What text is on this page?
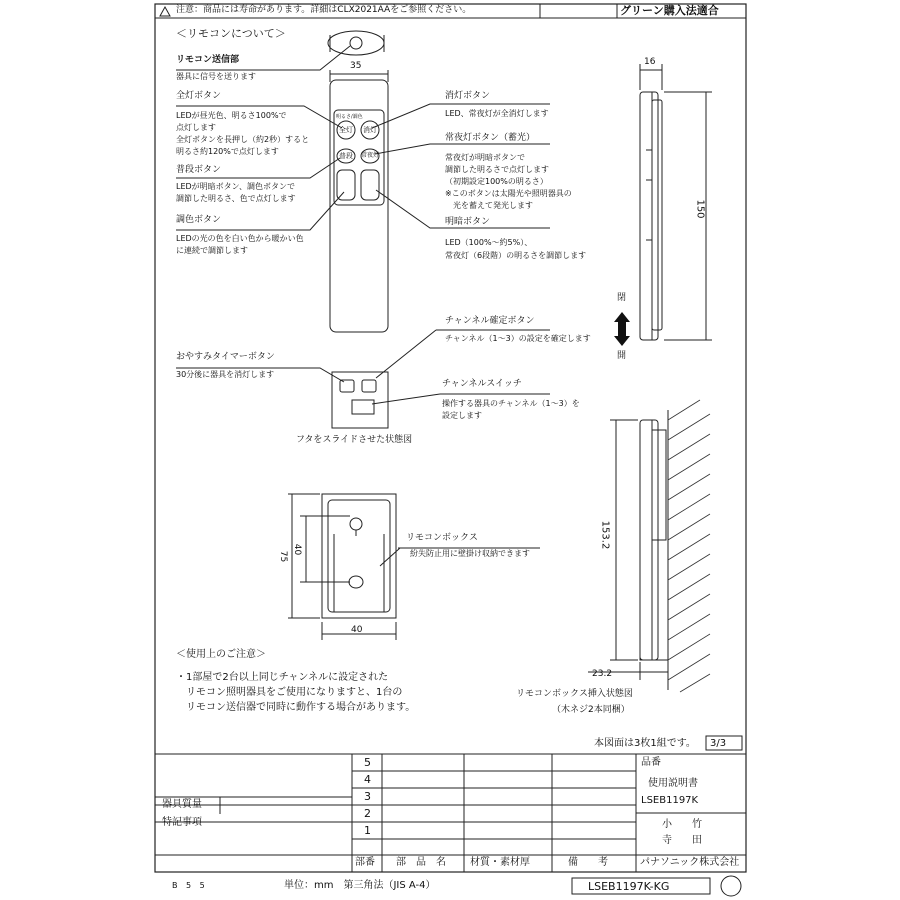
注意：商品には寿命があります。詳細はCLX2021AAをご参照ください。	グリーン購入法適合
＜リモコンについて＞
リモコン送信部
器具に信号を送ります
35
全灯ボタン
LEDが昼光色、明るさ100%で
点灯します
全灯ボタンを長押し（約2秒）すると
明るさ約120%で点灯します
普段ボタン
LEDが明暗ボタン、調色ボタンで
調節した明るさ、色で点灯します
調色ボタン
LEDの光の色を白い色から暖かい色
に連続で調節します
消灯ボタン
LED、常夜灯が全消灯します
常夜灯ボタン（蓄光）
常夜灯が明暗ボタンで
調節した明るさで点灯します
（初期設定100%の明るさ）
※このボタンは太陽光や照明器具の
　光を蓄えて発光します
明暗ボタン
LED（100%〜約5%）、
常夜灯（6段階）の明るさを調節します
明るさ/調色
全灯 消灯
普段 常夜灯
16
150
閉
開
チャンネル確定ボタン
チャンネル（1〜3）の設定を確定します
おやすみタイマーボタン
30分後に器具を消灯します
チャンネルスイッチ
操作する器具のチャンネル（1〜3）を
設定します
フタをスライドさせた状態図
リモコンボックス
紛失防止用に壁掛け収納できます
75
40
40
153.2
23.2
リモコンボックス挿入状態図
（木ネジ2本同梱）
＜使用上のご注意＞
・1部屋で2台以上同じチャンネルに設定された
　リモコン照明器具をご使用になりますと、1台の
　リモコン送信器で同時に動作する場合があります。
本図面は3枚1組です。 3/3
5
4
3
2
1
部番 部　品　名 材質・素材厚	備　　考
品番
使用説明書
LSEB1197K
小　　竹
寺　　田
パナソニック株式会社
器具質量
特記事項
B 5 5	単位：mm　第三角法（JIS A-4）	LSEB1197K-KG
